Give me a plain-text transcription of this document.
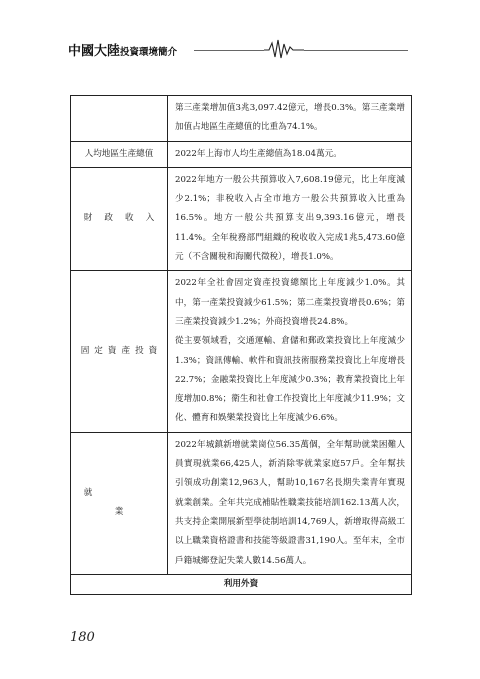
中國大陸投資環境簡介

	第三產業增加值3兆3,097.42億元，增長0.3%。第三產業增加值占地區生產總值的比重為74.1%。

人均地區生產總值	2022年上海市人均生產總值為18.04萬元。

財政收入	2022年地方一般公共預算收入7,608.19億元，比上年度減少2.1%；非稅收入占全市地方一般公共預算收入比重為16.5%。地方一般公共預算支出9,393.16億元，增長11.4%。全年稅務部門組織的稅收收入完成1兆5,473.60億元（不含關稅和海關代徵稅），增長1.0%。

固定資產投資	2022年全社會固定資產投資總額比上年度減少1.0%。其中，第一產業投資減少61.5%；第二產業投資增長0.6%；第三產業投資減少1.2%；外商投資增長24.8%。

從主要領域看，交通運輸、倉儲和郵政業投資比上年度減少1.3%；資訊傳輸、軟件和資訊技術服務業投資比上年度增長22.7%；金融業投資比上年度減少0.3%；教育業投資比上年度增加0.8%；衛生和社會工作投資比上年度減少11.9%；文化、體育和娛樂業投資比上年度減少6.6%。

就業	2022年城鎮新增就業崗位56.35萬個，全年幫助就業困難人員實現就業66,425人，新消除零就業家庭57戶。全年幫扶引領成功創業12,963人，幫助10,167名長期失業青年實現就業創業。全年共完成補貼性職業技能培訓162.13萬人次，共支持企業開展新型學徒制培訓14,769人，新增取得高級工以上職業資格證書和技能等級證書31,190人。至年末，全市戶籍城鄉登記失業人數14.56萬人。

利用外資	
180
